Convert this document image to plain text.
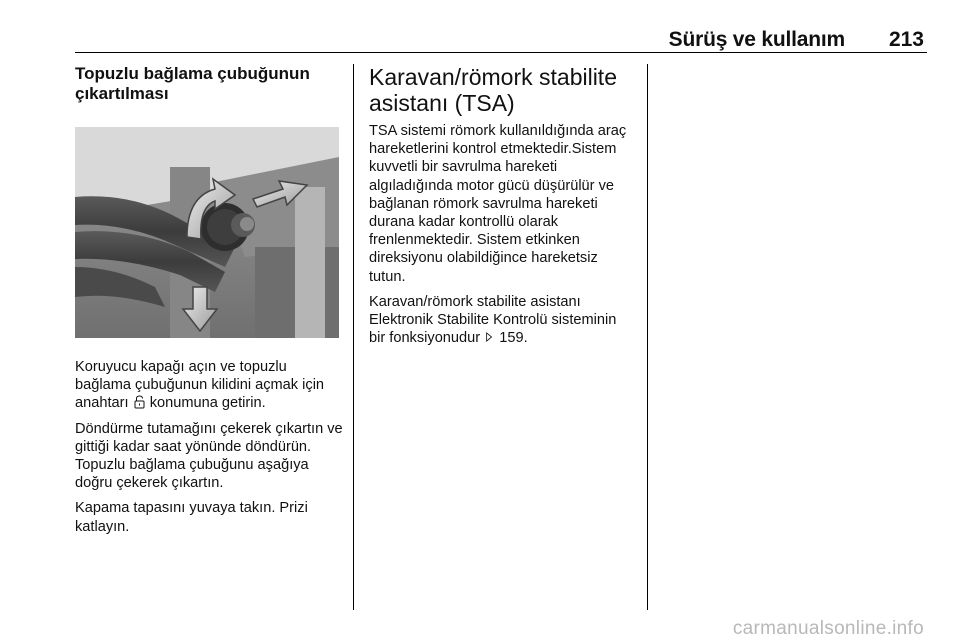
Sürüş ve kullanım 213
Topuzlu bağlama çubuğunun
çıkartılması

Koruyucu kapağı açın ve topuzlu bağlama çubuğunun kilidini açmak için anahtarı konumuna getirin.

Döndürme tutamağını çekerek çıkartın ve gittiği kadar saat yönünde döndürün. Topuzlu bağlama çubuğunu aşağıya doğru çekerek çıkartın.

Kapama tapasını yuvaya takın. Prizi katlayın.

Karavan/römork stabilite
asistanı (TSA)

TSA sistemi römork kullanıldığında araç hareketlerini kontrol etmektedir.Sistem kuvvetli bir savrulma hareketi algıladığında motor gücü düşürülür ve bağlanan römork savrulma hareketi durana kadar kontrollü olarak frenlenmektedir. Sistem etkinken direksiyonu olabildiğince hareketsiz tutun.

Karavan/römork stabilite asistanı Elektronik Stabilite Kontrolü sisteminin bir fonksiyonudur 159.

carmanualsonline.info
